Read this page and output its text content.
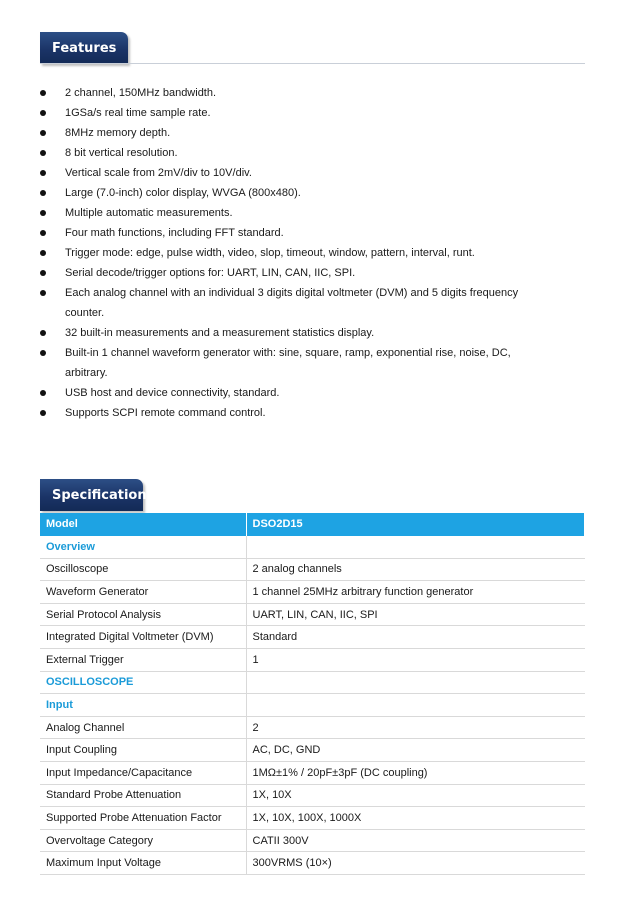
Features
2 channel, 150MHz bandwidth.
1GSa/s real time sample rate.
8MHz memory depth.
8 bit vertical resolution.
Vertical scale from 2mV/div to 10V/div.
Large (7.0-inch) color display, WVGA (800x480).
Multiple automatic measurements.
Four math functions, including FFT standard.
Trigger mode: edge, pulse width, video, slop, timeout, window, pattern, interval, runt.
Serial decode/trigger options for: UART, LIN, CAN, IIC, SPI.
Each analog channel with an individual 3 digits digital voltmeter (DVM) and 5 digits frequency
counter.
32 built-in measurements and a measurement statistics display.
Built-in 1 channel waveform generator with: sine, square, ramp, exponential rise, noise, DC,
arbitrary.
USB host and device connectivity, standard.
Supports SCPI remote command control.
Specification
Model	DSO2D15
Overview	
Oscilloscope	2 analog channels
Waveform Generator	1 channel 25MHz arbitrary function generator
Serial Protocol Analysis	UART, LIN, CAN, IIC, SPI
Integrated Digital Voltmeter (DVM)	Standard
External Trigger	1
OSCILLOSCOPE	
Input	
Analog Channel	2
Input Coupling	AC, DC, GND
Input Impedance/Capacitance	1MΩ±1% / 20pF±3pF (DC coupling)
Standard Probe Attenuation	1X, 10X
Supported Probe Attenuation Factor	1X, 10X, 100X, 1000X
Overvoltage Category	CATII 300V
Maximum Input Voltage	300VRMS (10×)
